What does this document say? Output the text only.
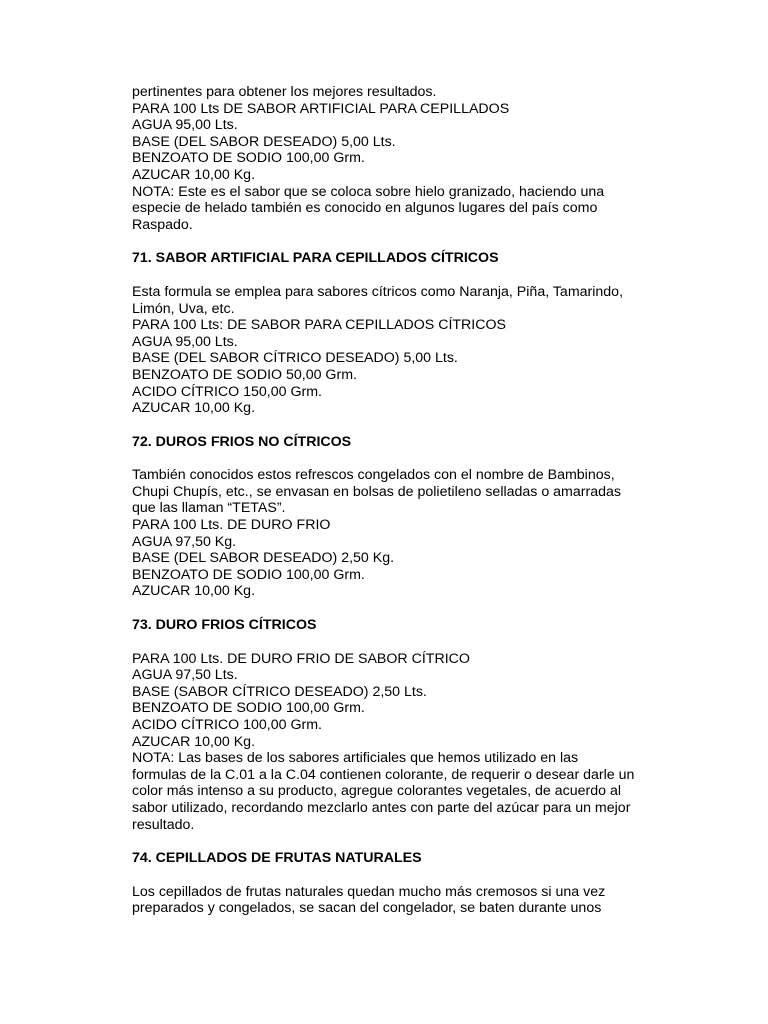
pertinentes para obtener los mejores resultados.
PARA 100 Lts DE SABOR ARTIFICIAL PARA CEPILLADOS
AGUA 95,00 Lts.
BASE (DEL SABOR DESEADO) 5,00 Lts.
BENZOATO DE SODIO 100,00 Grm.
AZUCAR 10,00 Kg.
NOTA: Este es el sabor que se coloca sobre hielo granizado, haciendo una
especie de helado también es conocido en algunos lugares del país como
Raspado.
71. SABOR ARTIFICIAL PARA CEPILLADOS CÍTRICOS
Esta formula se emplea para sabores cítricos como Naranja, Piña, Tamarindo,
Limón, Uva, etc.
PARA 100 Lts: DE SABOR PARA CEPILLADOS CÍTRICOS
AGUA 95,00 Lts.
BASE (DEL SABOR CÍTRICO DESEADO) 5,00 Lts.
BENZOATO DE SODIO 50,00 Grm.
ACIDO CÍTRICO 150,00 Grm.
AZUCAR 10,00 Kg.
72. DUROS FRIOS NO CÍTRICOS
También conocidos estos refrescos congelados con el nombre de Bambinos,
Chupi Chupís, etc., se envasan en bolsas de polietileno selladas o amarradas
que las llaman “TETAS”.
PARA 100 Lts. DE DURO FRIO
AGUA 97,50 Kg.
BASE (DEL SABOR DESEADO) 2,50 Kg.
BENZOATO DE SODIO 100,00 Grm.
AZUCAR 10,00 Kg.
73. DURO FRIOS CÍTRICOS
PARA 100 Lts. DE DURO FRIO DE SABOR CÍTRICO
AGUA 97,50 Lts.
BASE (SABOR CÍTRICO DESEADO) 2,50 Lts.
BENZOATO DE SODIO 100,00 Grm.
ACIDO CÍTRICO 100,00 Grm.
AZUCAR 10,00 Kg.
NOTA: Las bases de los sabores artificiales que hemos utilizado en las
formulas de la C.01 a la C.04 contienen colorante, de requerir o desear darle un
color más intenso a su producto, agregue colorantes vegetales, de acuerdo al
sabor utilizado, recordando mezclarlo antes con parte del azúcar para un mejor
resultado.
74. CEPILLADOS DE FRUTAS NATURALES
Los cepillados de frutas naturales quedan mucho más cremosos si una vez
preparados y congelados, se sacan del congelador, se baten durante unos
